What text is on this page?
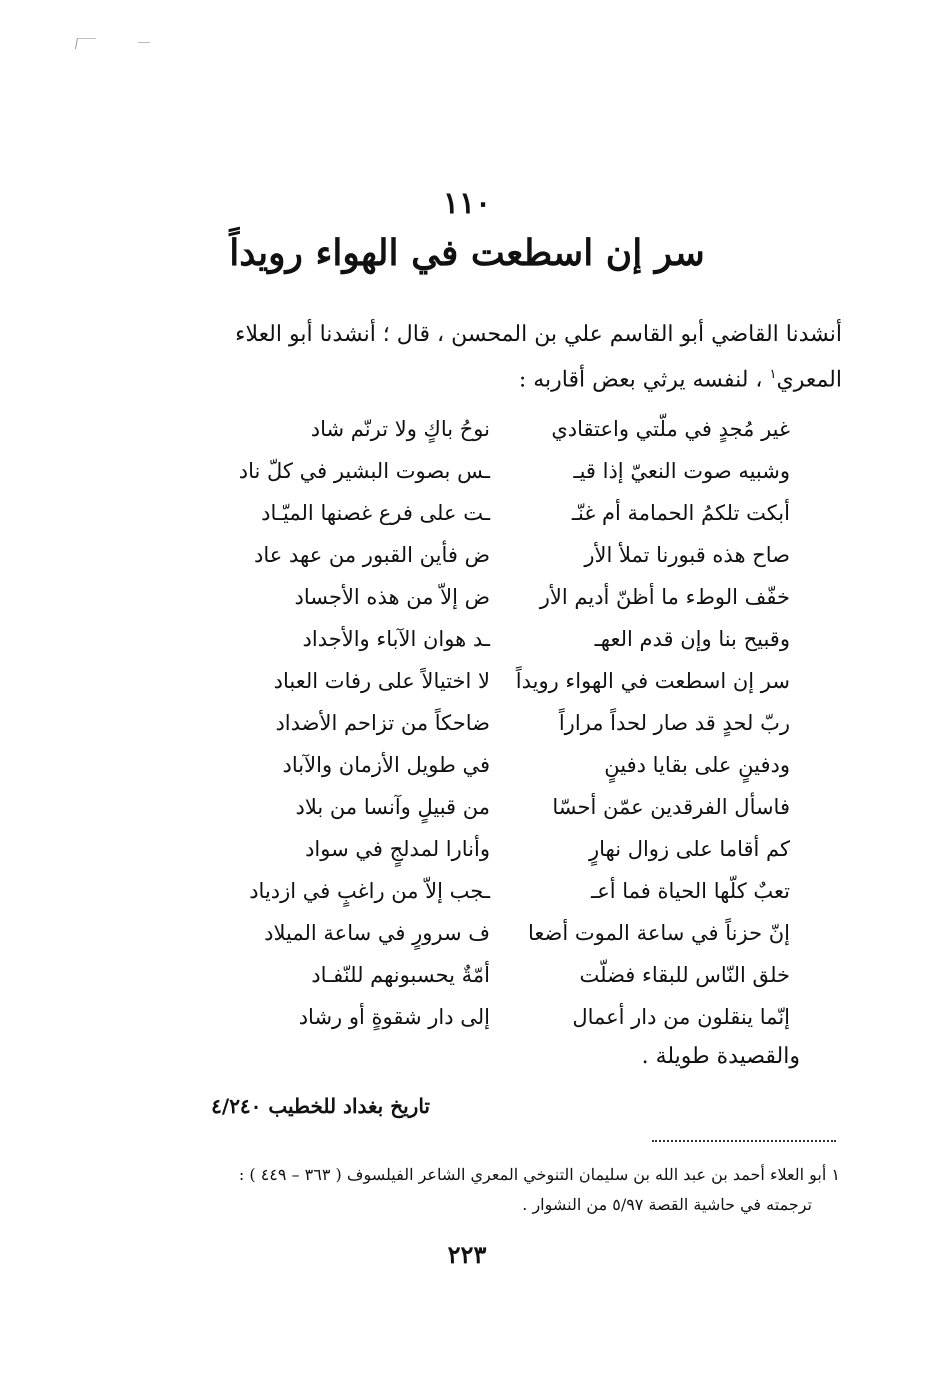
١١٠
سر إن اسطعت في الهواء رويداً

أنشدنا القاضي أبو القاسم علي بن المحسن ، قال ؛ أنشدنا أبو العلاء

المعري$^١$ ، لنفسه يرثي بعض أقاربه :

غير مُجدٍ في ملّتي واعتقادي
نوحُ باكٍ ولا ترنّم شاد
وشبيه صوت النعيّ إذا قيـ
ـس بصوت البشير في كلّ ناد
أبكت تلكمُ الحمامة أم غنّـ
ـت على فرع غصنها الميّـاد
صاح هذه قبورنا تملأ الأر
ض فأين القبور من عهد عاد
خفّف الوطء ما أظنّ أديم الأر
ض إلاّ من هذه الأجساد
وقبيح بنا وإن قدم العهـ
ـد هوان الآباء والأجداد
سر إن اسطعت في الهواء رويداً
لا اختيالاً على رفات العباد
ربّ لحدٍ قد صار لحداً مراراً
ضاحكاً من تزاحم الأضداد
ودفينٍ على بقايا دفينٍ
في طويل الأزمان والآباد
فاسأل الفرقدين عمّن أحسّا
من قبيلٍ وآنسا من بلاد
كم أقاما على زوال نهارٍ
وأنارا لمدلجٍ في سواد
تعبٌ كلّها الحياة فما أعـ
ـجب إلاّ من راغبٍ في ازدياد
إنّ حزناً في ساعة الموت أضعا
ف سرورٍ في ساعة الميلاد
خلق النّاس للبقاء فضلّت
أمّةٌ يحسبونهم للنّفـاد
إنّما ينقلون من دار أعمال
إلى دار شقوةٍ أو رشاد
والقصيدة طويلة .
تاريخ بغداد للخطيب ٤/٢٤٠

١ أبو العلاء أحمد بن عبد الله بن سليمان التنوخي المعري الشاعر الفيلسوف ( ٣٦٣ – ٤٤٩ ) :

ترجمته في حاشية القصة ٥/٩٧ من النشوار .

٢٢٣
